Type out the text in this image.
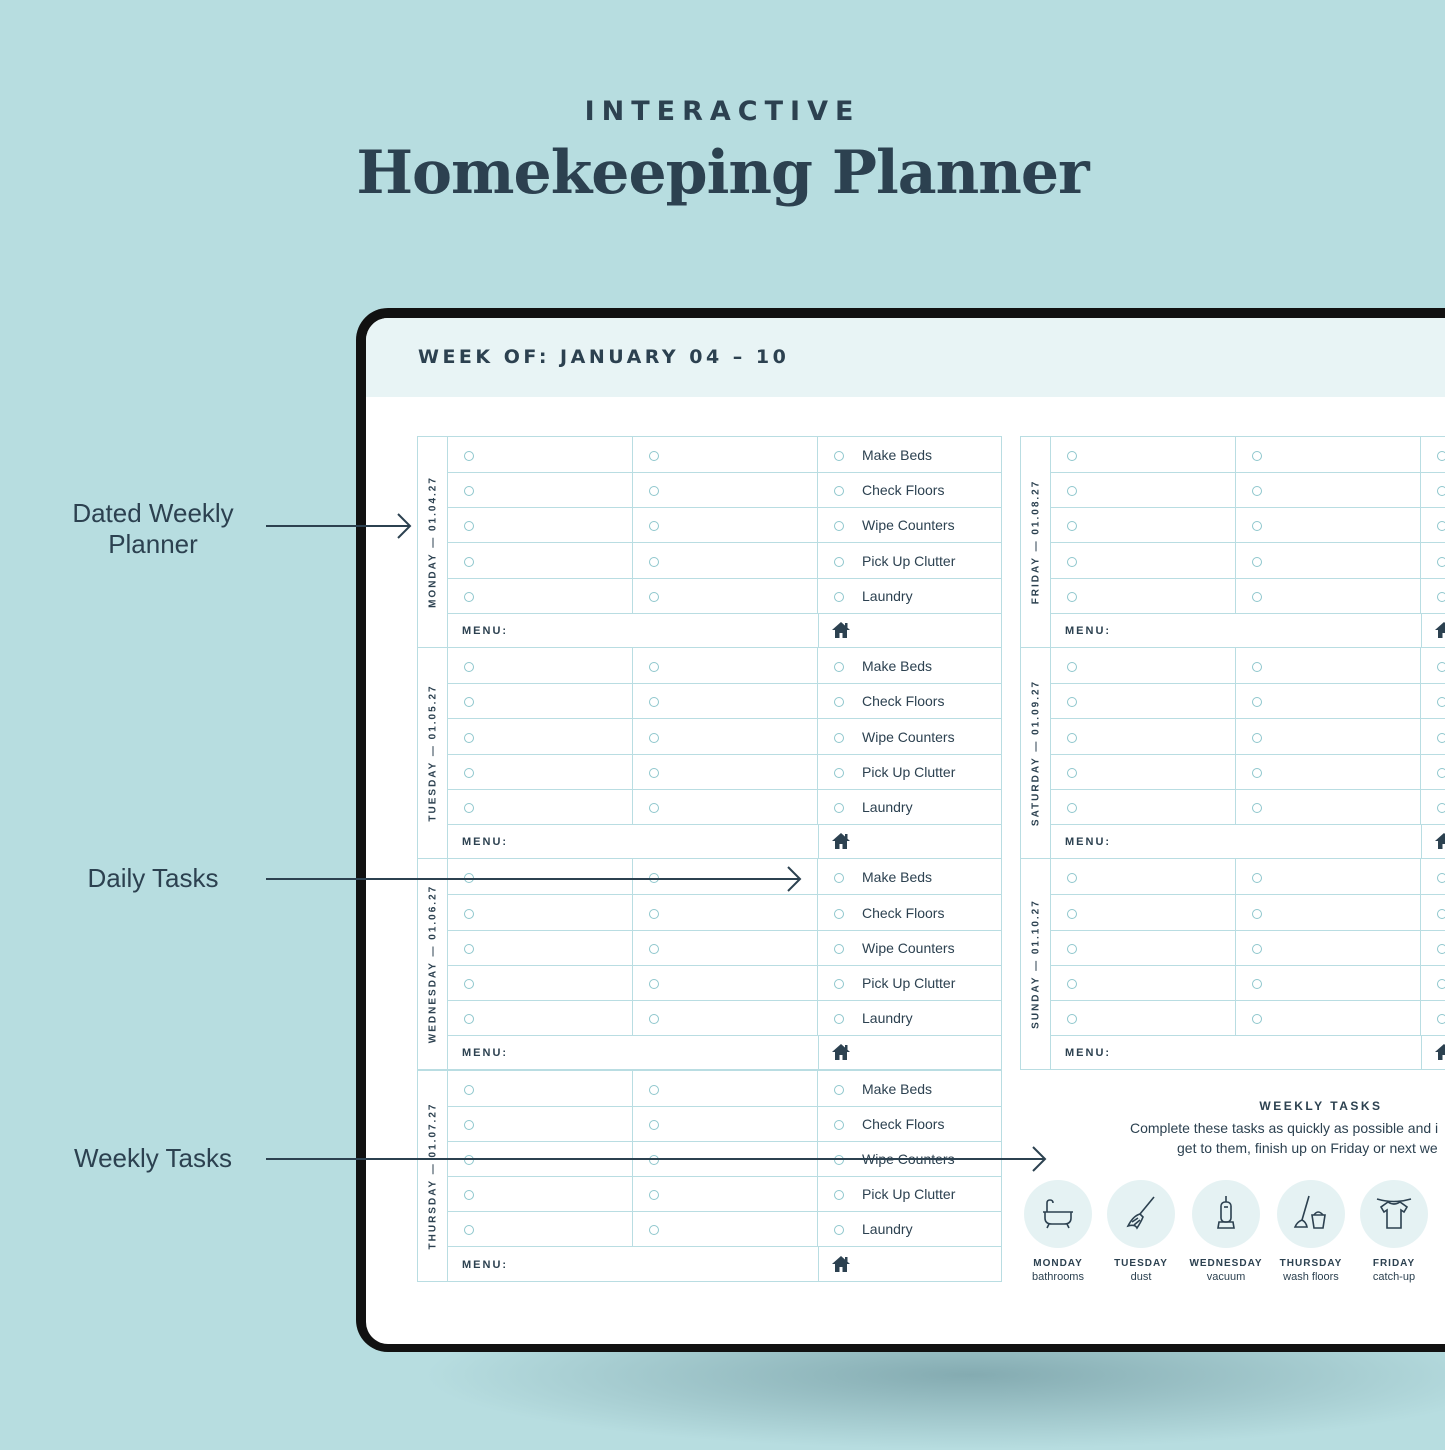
INTERACTIVE
Homekeeping Planner
Dated Weekly
Planner
Daily Tasks
Weekly Tasks
WEEK OF: JANUARY 04 – 10
MONDAY — 01.04.27
Make Beds
Check Floors
Wipe Counters
Pick Up Clutter
Laundry
MENU:
TUESDAY — 01.05.27
Make Beds
Check Floors
Wipe Counters
Pick Up Clutter
Laundry
MENU:
WEDNESDAY — 01.06.27
Make Beds
Check Floors
Wipe Counters
Pick Up Clutter
Laundry
MENU:
THURSDAY — 01.07.27
Make Beds
Check Floors
Wipe Counters
Pick Up Clutter
Laundry
MENU:
FRIDAY — 01.08.27
MENU:
SATURDAY — 01.09.27
MENU:
SUNDAY — 01.10.27
MENU:
WEEKLY TASKS
Complete these tasks as quickly as possible and i
get to them, finish up on Friday or next we
MONDAY
bathrooms
TUESDAY
dust
WEDNESDAY
vacuum
THURSDAY
wash floors
FRIDAY
catch-up
